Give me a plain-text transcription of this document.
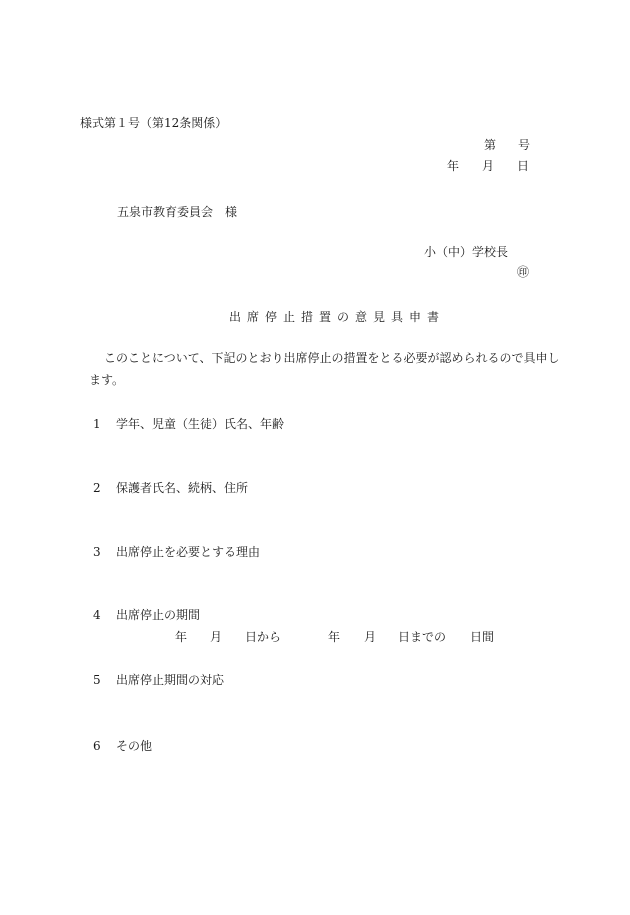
様式第１号（第12条関係）
第 号
年 月 日
五泉市教育委員会　様
小（中）学校長
㊞
出席停止措置の意見具申書
このことについて、下記のとおり出席停止の措置をとる必要が認められるので具申し
ます。
1 学年、児童（生徒）氏名、年齢
2 保護者氏名、続柄、住所
3 出席停止を必要とする理由
4 出席停止の期間
年 月 日から	年 月 日までの 日間
5 出席停止期間の対応
6 その他
